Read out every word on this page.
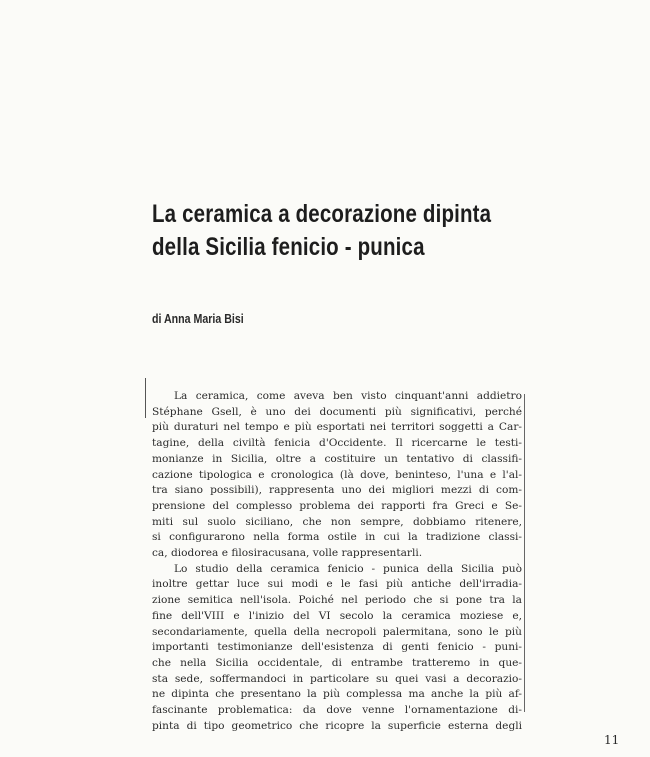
La ceramica a decorazione dipinta
della Sicilia fenicio - punica
di Anna Maria Bisi
La ceramica, come aveva ben visto cinquant'anni addietro
Stéphane Gsell, è uno dei documenti più significativi, perché
più duraturi nel tempo e più esportati nei territori soggetti a Car-
tagine, della civiltà fenicia d'Occidente. Il ricercarne le testi-
monianze in Sicilia, oltre a costituire un tentativo di classifi-
cazione tipologica e cronologica (là dove, beninteso, l'una e l'al-
tra siano possibili), rappresenta uno dei migliori mezzi di com-
prensione del complesso problema dei rapporti fra Greci e Se-
miti sul suolo siciliano, che non sempre, dobbiamo ritenere,
si configurarono nella forma ostile in cui la tradizione classi-
ca, diodorea e filosiracusana, volle rappresentarli.
Lo studio della ceramica fenicio - punica della Sicilia può
inoltre gettar luce sui modi e le fasi più antiche dell'irradia-
zione semitica nell'isola. Poiché nel periodo che si pone tra la
fine dell'VIII e l'inizio del VI secolo la ceramica moziese e,
secondariamente, quella della necropoli palermitana, sono le più
importanti testimonianze dell'esistenza di genti fenicio - puni-
che nella Sicilia occidentale, di entrambe tratteremo in que-
sta sede, soffermandoci in particolare su quei vasi a decorazio-
ne dipinta che presentano la più complessa ma anche la più af-
fascinante problematica: da dove venne l'ornamentazione di-
pinta di tipo geometrico che ricopre la superficie esterna degli
11
